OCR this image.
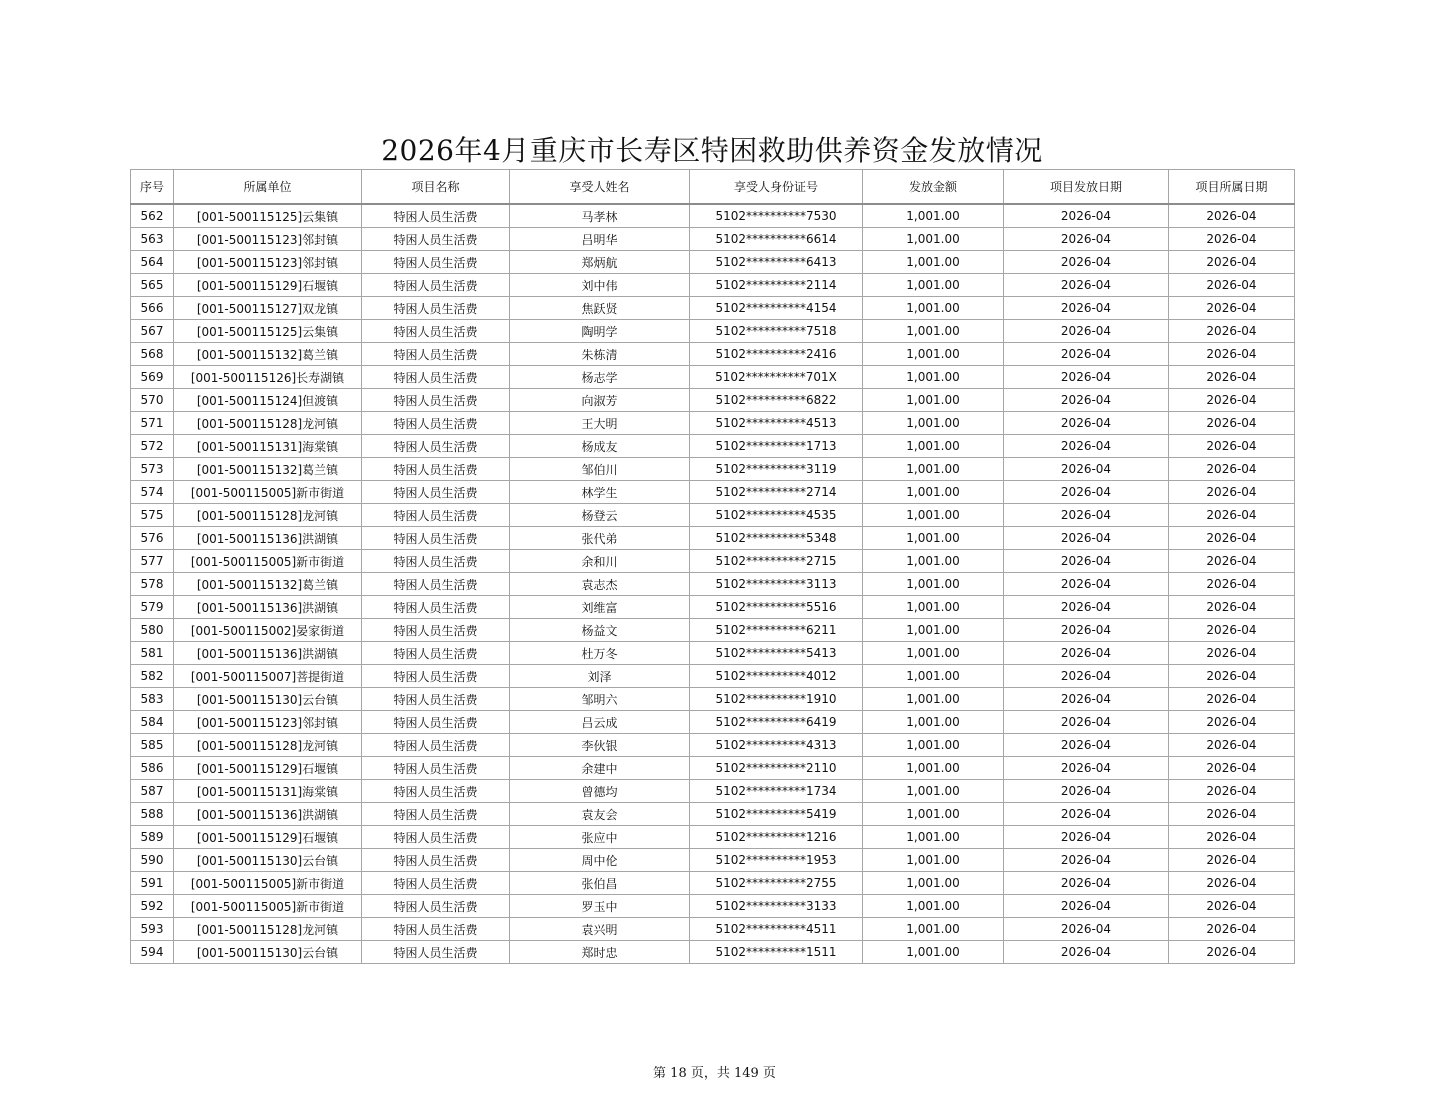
2026年4月重庆市长寿区特困救助供养资金发放情况
序号	所属单位	项目名称	享受人姓名	享受人身份证号	发放金额	项目发放日期	项目所属日期
562	[001-500115125]云集镇	特困人员生活费	马孝林	5102**********7530	1,001.00	2026-04	2026-04
563	[001-500115123]邻封镇	特困人员生活费	吕明华	5102**********6614	1,001.00	2026-04	2026-04
564	[001-500115123]邻封镇	特困人员生活费	郑炳航	5102**********6413	1,001.00	2026-04	2026-04
565	[001-500115129]石堰镇	特困人员生活费	刘中伟	5102**********2114	1,001.00	2026-04	2026-04
566	[001-500115127]双龙镇	特困人员生活费	焦跃贤	5102**********4154	1,001.00	2026-04	2026-04
567	[001-500115125]云集镇	特困人员生活费	陶明学	5102**********7518	1,001.00	2026-04	2026-04
568	[001-500115132]葛兰镇	特困人员生活费	朱栋清	5102**********2416	1,001.00	2026-04	2026-04
569	[001-500115126]长寿湖镇	特困人员生活费	杨志学	5102**********701X	1,001.00	2026-04	2026-04
570	[001-500115124]但渡镇	特困人员生活费	向淑芳	5102**********6822	1,001.00	2026-04	2026-04
571	[001-500115128]龙河镇	特困人员生活费	王大明	5102**********4513	1,001.00	2026-04	2026-04
572	[001-500115131]海棠镇	特困人员生活费	杨成友	5102**********1713	1,001.00	2026-04	2026-04
573	[001-500115132]葛兰镇	特困人员生活费	邹伯川	5102**********3119	1,001.00	2026-04	2026-04
574	[001-500115005]新市街道	特困人员生活费	林学生	5102**********2714	1,001.00	2026-04	2026-04
575	[001-500115128]龙河镇	特困人员生活费	杨登云	5102**********4535	1,001.00	2026-04	2026-04
576	[001-500115136]洪湖镇	特困人员生活费	张代弟	5102**********5348	1,001.00	2026-04	2026-04
577	[001-500115005]新市街道	特困人员生活费	余和川	5102**********2715	1,001.00	2026-04	2026-04
578	[001-500115132]葛兰镇	特困人员生活费	袁志杰	5102**********3113	1,001.00	2026-04	2026-04
579	[001-500115136]洪湖镇	特困人员生活费	刘维富	5102**********5516	1,001.00	2026-04	2026-04
580	[001-500115002]晏家街道	特困人员生活费	杨益文	5102**********6211	1,001.00	2026-04	2026-04
581	[001-500115136]洪湖镇	特困人员生活费	杜万冬	5102**********5413	1,001.00	2026-04	2026-04
582	[001-500115007]菩提街道	特困人员生活费	刘泽	5102**********4012	1,001.00	2026-04	2026-04
583	[001-500115130]云台镇	特困人员生活费	邹明六	5102**********1910	1,001.00	2026-04	2026-04
584	[001-500115123]邻封镇	特困人员生活费	吕云成	5102**********6419	1,001.00	2026-04	2026-04
585	[001-500115128]龙河镇	特困人员生活费	李伙银	5102**********4313	1,001.00	2026-04	2026-04
586	[001-500115129]石堰镇	特困人员生活费	余建中	5102**********2110	1,001.00	2026-04	2026-04
587	[001-500115131]海棠镇	特困人员生活费	曾德均	5102**********1734	1,001.00	2026-04	2026-04
588	[001-500115136]洪湖镇	特困人员生活费	袁友会	5102**********5419	1,001.00	2026-04	2026-04
589	[001-500115129]石堰镇	特困人员生活费	张应中	5102**********1216	1,001.00	2026-04	2026-04
590	[001-500115130]云台镇	特困人员生活费	周中伦	5102**********1953	1,001.00	2026-04	2026-04
591	[001-500115005]新市街道	特困人员生活费	张伯昌	5102**********2755	1,001.00	2026-04	2026-04
592	[001-500115005]新市街道	特困人员生活费	罗玉中	5102**********3133	1,001.00	2026-04	2026-04
593	[001-500115128]龙河镇	特困人员生活费	袁兴明	5102**********4511	1,001.00	2026-04	2026-04
594	[001-500115130]云台镇	特困人员生活费	郑时忠	5102**********1511	1,001.00	2026-04	2026-04
第 18 页，共 149 页
